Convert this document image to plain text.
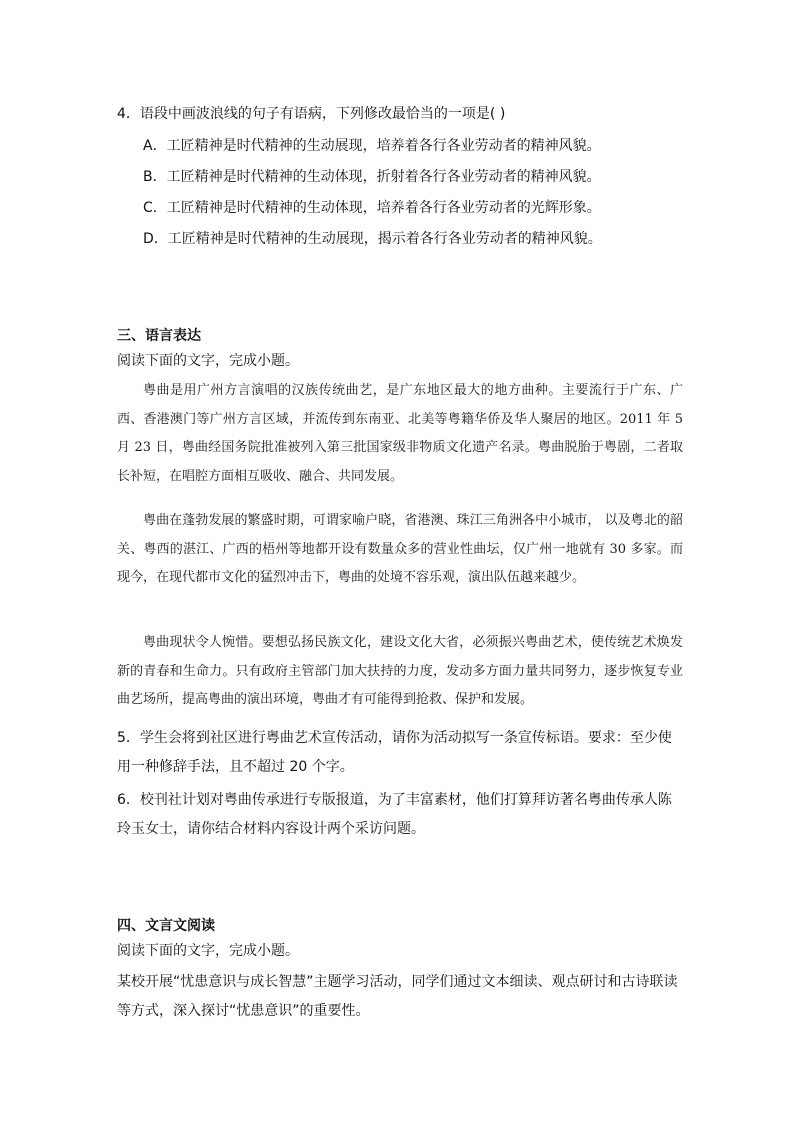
4．语段中画波浪线的句子有语病，下列修改最恰当的一项是( )
A．工匠精神是时代精神的生动展现，培养着各行各业劳动者的精神风貌。
B．工匠精神是时代精神的生动体现，折射着各行各业劳动者的精神风貌。
C．工匠精神是时代精神的生动体现，培养着各行各业劳动者的光辉形象。
D．工匠精神是时代精神的生动展现，揭示着各行各业劳动者的精神风貌。
三、语言表达
阅读下面的文字，完成小题。
粤曲是用广州方言演唱的汉族传统曲艺，是广东地区最大的地方曲种。主要流行于广东、广西、香港澳门等广州方言区域，并流传到东南亚、北美等粤籍华侨及华人聚居的地区。2011 年 5 月 23 日，粤曲经国务院批准被列入第三批国家级非物质文化遗产名录。粤曲脱胎于粤剧，二者取长补短，在唱腔方面相互吸收、融合、共同发展。
粤曲在蓬勃发展的繁盛时期，可谓家喻户晓，省港澳、珠江三角洲各中小城市， 以及粤北的韶关、粤西的湛江、广西的梧州等地都开设有数量众多的营业性曲坛，仅广州一地就有 30 多家。而现今，在现代都市文化的猛烈冲击下，粤曲的处境不容乐观，演出队伍越来越少。
粤曲现状令人惋惜。要想弘扬民族文化，建设文化大省，必须振兴粤曲艺术，使传统艺术焕发新的青春和生命力。只有政府主管部门加大扶持的力度，发动多方面力量共同努力，逐步恢复专业曲艺场所，提高粤曲的演出环境，粤曲才有可能得到抢救、保护和发展。
5．学生会将到社区进行粤曲艺术宣传活动，请你为活动拟写一条宣传标语。要求：至少使用一种修辞手法，且不超过 20 个字。
6．校刊社计划对粤曲传承进行专版报道，为了丰富素材，他们打算拜访著名粤曲传承人陈玲玉女士，请你结合材料内容设计两个采访问题。
四、文言文阅读
阅读下面的文字，完成小题。
某校开展“忧患意识与成长智慧”主题学习活动，同学们通过文本细读、观点研讨和古诗联读等方式，深入探讨“忧患意识”的重要性。
